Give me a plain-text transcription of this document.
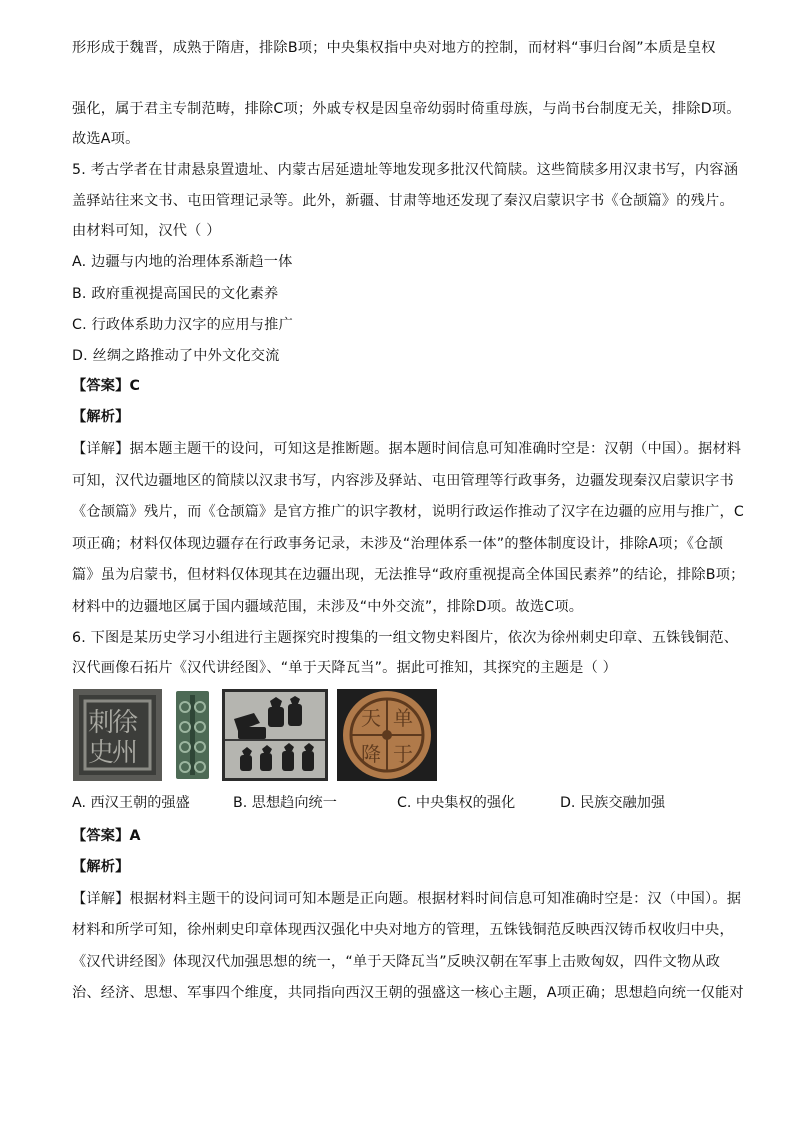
形形成于魏晋，成熟于隋唐，排除B项；中央集权指中央对地方的控制，而材料“事归台阁”本质是皇权
强化，属于君主专制范畴，排除C项；外戚专权是因皇帝幼弱时倚重母族，与尚书台制度无关，排除D项。
故选A项。
5. 考古学者在甘肃悬泉置遗址、内蒙古居延遗址等地发现多批汉代简牍。这些简牍多用汉隶书写，内容涵
盖驿站往来文书、屯田管理记录等。此外，新疆、甘肃等地还发现了秦汉启蒙识字书《仓颉篇》的残片。
由材料可知，汉代（ ）
A. 边疆与内地的治理体系渐趋一体
B. 政府重视提高国民的文化素养
C. 行政体系助力汉字的应用与推广
D. 丝绸之路推动了中外文化交流
【答案】C
【解析】
【详解】据本题主题干的设问，可知这是推断题。据本题时间信息可知准确时空是：汉朝（中国）。据材料
可知，汉代边疆地区的简牍以汉隶书写，内容涉及驿站、屯田管理等行政事务，边疆发现秦汉启蒙识字书
《仓颉篇》残片，而《仓颉篇》是官方推广的识字教材，说明行政运作推动了汉字在边疆的应用与推广，C
项正确；材料仅体现边疆存在行政事务记录，未涉及“治理体系一体”的整体制度设计，排除A项；《仓颉
篇》虽为启蒙书，但材料仅体现其在边疆出现，无法推导“政府重视提高全体国民素养”的结论，排除B项；
材料中的边疆地区属于国内疆域范围，未涉及“中外交流”，排除D项。故选C项。
6. 下图是某历史学习小组进行主题探究时搜集的一组文物史料图片，依次为徐州刺史印章、五铢钱铜范、
汉代画像石拓片《汉代讲经图》、“单于天降瓦当”。据此可推知，其探究的主题是（ ）
徐
州
刺
史
单
于
天
降
A. 西汉王朝的强盛	B. 思想趋向统一	C. 中央集权的强化	D. 民族交融加强
【答案】A
【解析】
【详解】根据材料主题干的设问词可知本题是正向题。根据材料时间信息可知准确时空是：汉（中国）。据
材料和所学可知，徐州刺史印章体现西汉强化中央对地方的管理，五铢钱铜范反映西汉铸币权收归中央，
《汉代讲经图》体现汉代加强思想的统一，“单于天降瓦当”反映汉朝在军事上击败匈奴，四件文物从政
治、经济、思想、军事四个维度，共同指向西汉王朝的强盛这一核心主题，A项正确；思想趋向统一仅能对
